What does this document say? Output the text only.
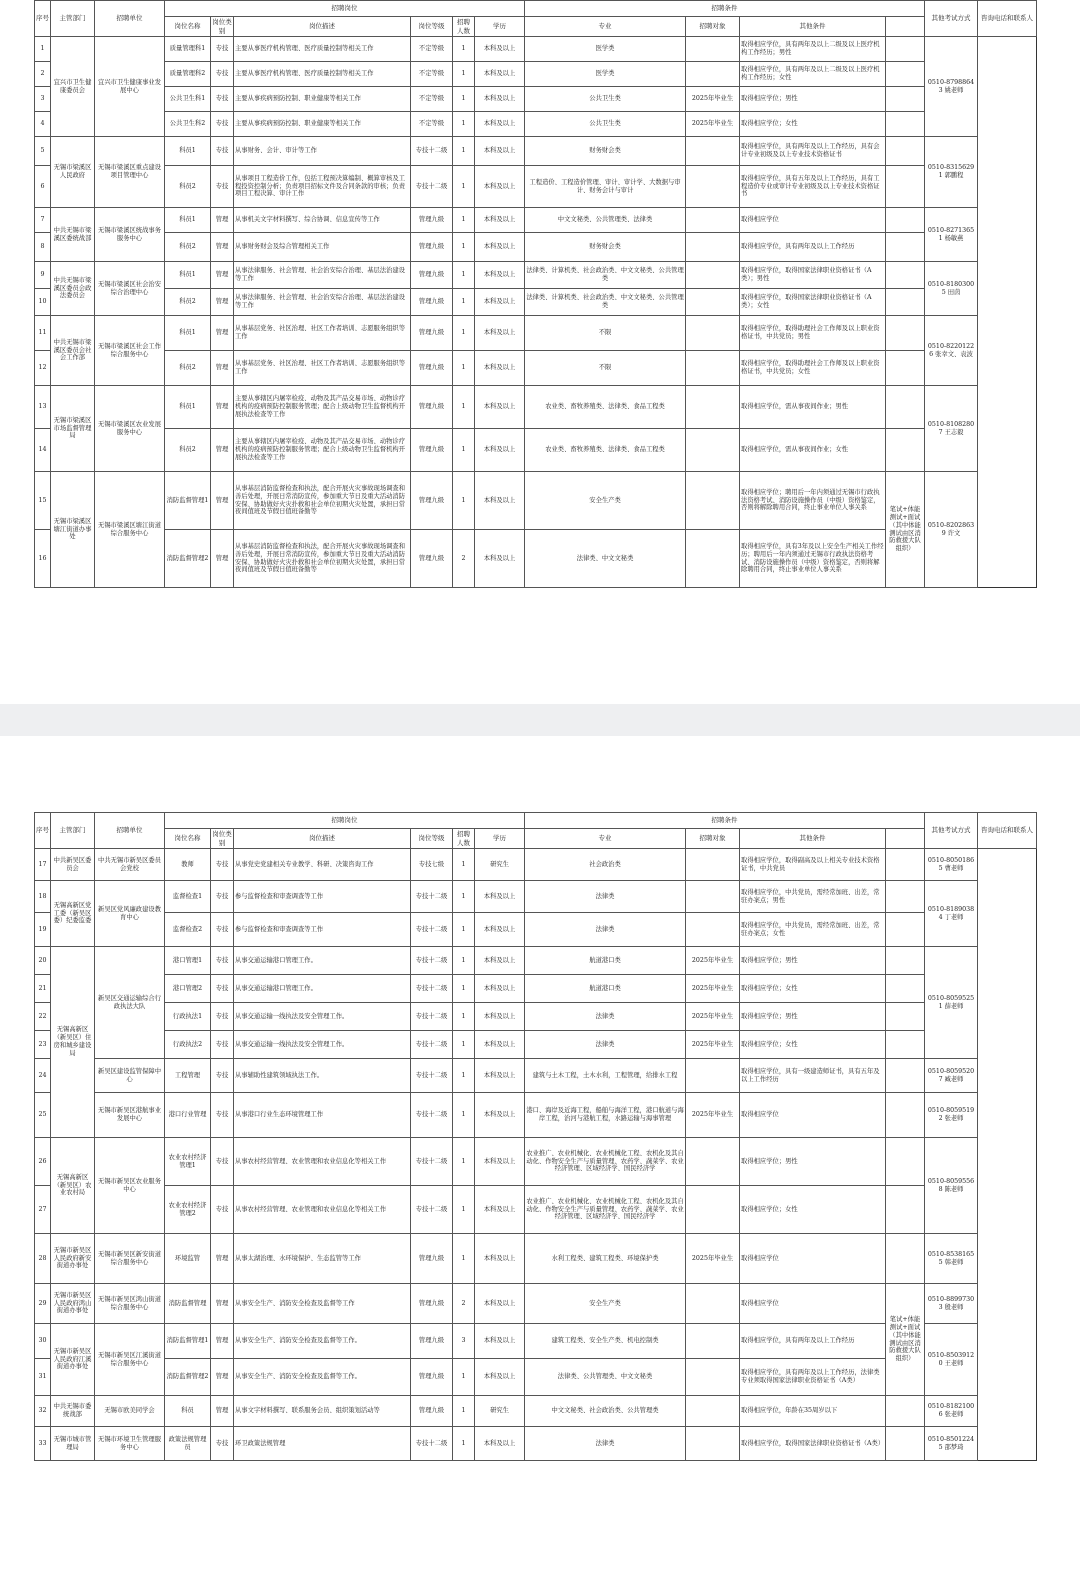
序号	主管部门	招聘单位	招聘岗位						招聘条件				其他考试方式	咨询电话和联系人
			岗位名称	岗位类别	岗位描述	岗位等级	招聘人数	学历	专业	招聘对象	其他条件			
1	宜兴市卫生健康委员会	宜兴市卫生健康事业发展中心	质量管理科1	专技	主要从事医疗机构管理、医疗质量控制等相关工作	不定等级	1	本科及以上	医学类		取得相应学位，具有两年及以上二级及以上医疗机构工作经历；男性		0510-87988643 姚老师	
2			质量管理科2	专技	主要从事医疗机构管理、医疗质量控制等相关工作	不定等级	1	本科及以上	医学类		取得相应学位，具有两年及以上二级及以上医疗机构工作经历；女性			
3			公共卫生科1	专技	主要从事疾病预防控制、职业健康等相关工作	不定等级	1	本科及以上	公共卫生类	2025年毕业生	取得相应学位；男性			
4			公共卫生科2	专技	主要从事疾病预防控制、职业健康等相关工作	不定等级	1	本科及以上	公共卫生类	2025年毕业生	取得相应学位；女性			
5	无锡市梁溪区人民政府	无锡市梁溪区重点建设项目管理中心	科员1	专技	从事财务、会计、审计等工作	专技十二级	1	本科及以上	财务财会类		取得相应学位，具有两年及以上工作经历，具有会计专业初级及以上专业技术资格证书		0510-83156291 郭鹏程	
6			科员2	专技	从事项目工程造价工作，包括工程预决算编制、概算审核及工程投资控制分析；负责项目招标文件及合同条款的审核；负责项目工程决算、审计工作	专技十二级	1	本科及以上	工程造价、工程造价管理、审计、审计学、大数据与审计、财务会计与审计		取得相应学位，具有五年及以上工作经历，具有工程造价专业或审计专业初级及以上专业技术资格证书			
7	中共无锡市梁溪区委统战部	无锡市梁溪区统战事务服务中心	科员1	管理	从事机关文字材料撰写、综合协调、信息宣传等工作	管理九级	1	本科及以上	中文文秘类、公共管理类、法律类		取得相应学位		0510-82713651 杨敏燕	
8			科员2	管理	从事财务财会及综合管理相关工作	管理九级	1	本科及以上	财务财会类		取得相应学位，具有两年及以上工作经历			
9	中共无锡市梁溪区委员会政法委员会	无锡市梁溪区社会治安综合治理中心	科员1	管理	从事法律服务、社会管理、社会治安综合治理、基层法治建设等工作	管理九级	1	本科及以上	法律类、计算机类、社会政治类、中文文秘类、公共管理类		取得相应学位，取得国家法律职业资格证书（A类）；男性		0510-81803005 田茵	
10			科员2	管理	从事法律服务、社会管理、社会治安综合治理、基层法治建设等工作	管理九级	1	本科及以上	法律类、计算机类、社会政治类、中文文秘类、公共管理类		取得相应学位，取得国家法律职业资格证书（A类）；女性			
11	中共无锡市梁溪区委员会社会工作部	无锡市梁溪区社会工作综合服务中心	科员1	管理	从事基层党务、社区治理、社区工作者培训、志愿服务组织等工作	管理九级	1	本科及以上	不限		取得相应学位，取得助理社会工作师及以上职业资格证书，中共党员；男性		0510-82201226 张幸文、袁波	
12			科员2	管理	从事基层党务、社区治理、社区工作者培训、志愿服务组织等工作	管理九级	1	本科及以上	不限		取得相应学位，取得助理社会工作师及以上职业资格证书，中共党员；女性			
13	无锡市梁溪区市场监督管理局	无锡市梁溪区农业发展服务中心	科员1	管理	主要从事辖区内屠宰检疫、动物及其产品交易市场、动物诊疗机构的疫病预防控制服务管理；配合上级动物卫生监督机构开展执法检查等工作	管理九级	1	本科及以上	农业类、畜牧养殖类、法律类、食品工程类		取得相应学位，需从事夜间作业；男性		0510-81082807 王志毅	
14			科员2	管理	主要从事辖区内屠宰检疫、动物及其产品交易市场、动物诊疗机构的疫病预防控制服务管理；配合上级动物卫生监督机构开展执法检查等工作	管理九级	1	本科及以上	农业类、畜牧养殖类、法律类、食品工程类		取得相应学位，需从事夜间作业；女性			
15	无锡市梁溪区塘江街道办事处	无锡市梁溪区塘江街道综合服务中心	消防监督管理1	管理	从事基层消防监督检查和执法，配合开展火灾事故现场调查和善后处理，开展日常消防宣传，参加重大节日及重大活动消防安保、协助做好火灾扑救和社会单位初期火灾处置，承担日常夜间值班及节假日值班备勤等	管理九级	1	本科及以上	安全生产类		取得相应学位；聘用后一年内须通过无锡市行政执法资格考试、消防设施操作员（中级）资格鉴定，否则将解除聘用合同，终止事业单位人事关系	笔试+体能测试+面试（其中体能测试由区消防救援大队组织）	0510-82028639 许文	
16			消防监督管理2	管理	从事基层消防监督检查和执法，配合开展火灾事故现场调查和善后处理，开展日常消防宣传，参加重大节日及重大活动消防安保、协助做好火灾扑救和社会单位初期火灾处置，承担日常夜间值班及节假日值班备勤等	管理九级	2	本科及以上	法律类、中文文秘类		取得相应学位，具有3年及以上安全生产相关工作经历；聘用后一年内须通过无锡市行政执法资格考试、消防设施操作员（中级）资格鉴定，否则将解除聘用合同，终止事业单位人事关系			
序号	主管部门	招聘单位	招聘岗位						招聘条件				其他考试方式	咨询电话和联系人
			岗位名称	岗位类别	岗位描述	岗位等级	招聘人数	学历	专业	招聘对象	其他条件			
17	中共新吴区委员会	中共无锡市新吴区委员会党校	教师	专技	从事党史党建相关专业教学、科研、决策咨询工作	专技七级	1	研究生	社会政治类		取得相应学位，取得副高及以上相关专业技术资格证书，中共党员		0510-80501865 曹老师	
18	无锡高新区党工委（新吴区委）纪委监委	新吴区党风廉政建设教育中心	监督检查1	专技	参与监督检查和审查调查等工作	专技十二级	1	本科及以上	法律类		取得相应学位，中共党员，需经常加班、出差，常驻办案点；男性		0510-81890384 丁老师	
19			监督检查2	专技	参与监督检查和审查调查等工作	专技十二级	1	本科及以上	法律类		取得相应学位，中共党员，需经常加班、出差，常驻办案点；女性			
20	无锡高新区（新吴区）住房和城乡建设局	新吴区交通运输综合行政执法大队	港口管理1	专技	从事交通运输港口管理工作。	专技十二级	1	本科及以上	航道港口类	2025年毕业生	取得相应学位；男性		0510-80595251 薛老师	
21			港口管理2	专技	从事交通运输港口管理工作。	专技十二级	1	本科及以上	航道港口类	2025年毕业生	取得相应学位；女性			
22			行政执法1	专技	从事交通运输一线执法及安全管理工作。	专技十二级	1	本科及以上	法律类	2025年毕业生	取得相应学位；男性			
23			行政执法2	专技	从事交通运输一线执法及安全管理工作。	专技十二级	1	本科及以上	法律类	2025年毕业生	取得相应学位；女性			
24		新吴区建设监管保障中心	工程管理	专技	从事辅助性建筑领域执法工作。	专技十二级	1	本科及以上	建筑与土木工程，土木水利，工程管理，给排水工程		取得相应学位，具有一级建造师证书，具有五年及以上工作经历		0510-80595207 臧老师	
25		无锡市新吴区港航事业发展中心	港口行业管理	专技	从事港口行业生态环境管理工作	专技十二级	1	本科及以上	港口、海岸及近海工程，船舶与海洋工程，港口航道与海岸工程，治河与港航工程，水路运输与海事管理	2025年毕业生	取得相应学位		0510-80595192 张老师	
26	无锡高新区（新吴区）农业农村局	无锡市新吴区农业服务中心	农业农村经济管理1	专技	从事农村经营管理、农业管理和农业信息化等相关工作	专技十二级	1	本科及以上	农业推广、农业机械化、农业机械化工程、农机化及其自动化、作物安全生产与质量管理、农药学、蔬菜学、农业经济管理、区域经济学、国民经济学		取得相应学位；男性		0510-80595568 陈老师	
27			农业农村经济管理2	专技	从事农村经营管理、农业管理和农业信息化等相关工作	专技十二级	1	本科及以上	农业推广、农业机械化、农业机械化工程、农机化及其自动化、作物安全生产与质量管理、农药学、蔬菜学、农业经济管理、区域经济学、国民经济学		取得相应学位；女性			
28	无锡市新吴区人民政府新安街道办事处	无锡市新吴区新安街道综合服务中心	环境监管	管理	从事太湖治理、水环境保护、生态监管等工作	管理九级	1	本科及以上	水利工程类、建筑工程类、环境保护类	2025年毕业生	取得相应学位		0510-85381655 韩老师	
29	无锡市新吴区人民政府鸿山街道办事处	无锡市新吴区鸿山街道综合服务中心	消防监督管理	管理	从事安全生产、消防安全检查及监督等工作	管理九级	2	本科及以上	安全生产类		取得相应学位	笔试+体能测试+面试（其中体能测试由区消防救援大队组织）	0510-88997303 殷老师	
30	无锡市新吴区人民政府江溪街道办事处	无锡市新吴区江溪街道综合服务中心	消防监督管理1	管理	从事安全生产、消防安全检查及监督等工作。	管理九级	3	本科及以上	建筑工程类、安全生产类、机电控制类		取得相应学位，具有两年及以上工作经历		0510-85039120 王老师	
31			消防监督管理2	管理	从事安全生产、消防安全检查及监督等工作。	管理九级	1	本科及以上	法律类、公共管理类、中文文秘类		取得相应学位，具有两年及以上工作经历，法律类专业须取得国家法律职业资格证书（A类）			
32	中共无锡市委统战部	无锡市欧美同学会	科员	管理	从事文字材料撰写、联系服务会员、组织策划活动等	管理九级	1	研究生	中文文秘类、社会政治类、公共管理类		取得相应学位，年龄在35周岁以下		0510-81821006 张老师	
33	无锡市城市管理局	无锡市环境卫生管理服务中心	政策法规管理员	专技	环卫政策法规管理	专技十二级	1	本科及以上	法律类		取得相应学位，取得国家法律职业资格证书（A类）		0510-85012245 邵梦琦	
